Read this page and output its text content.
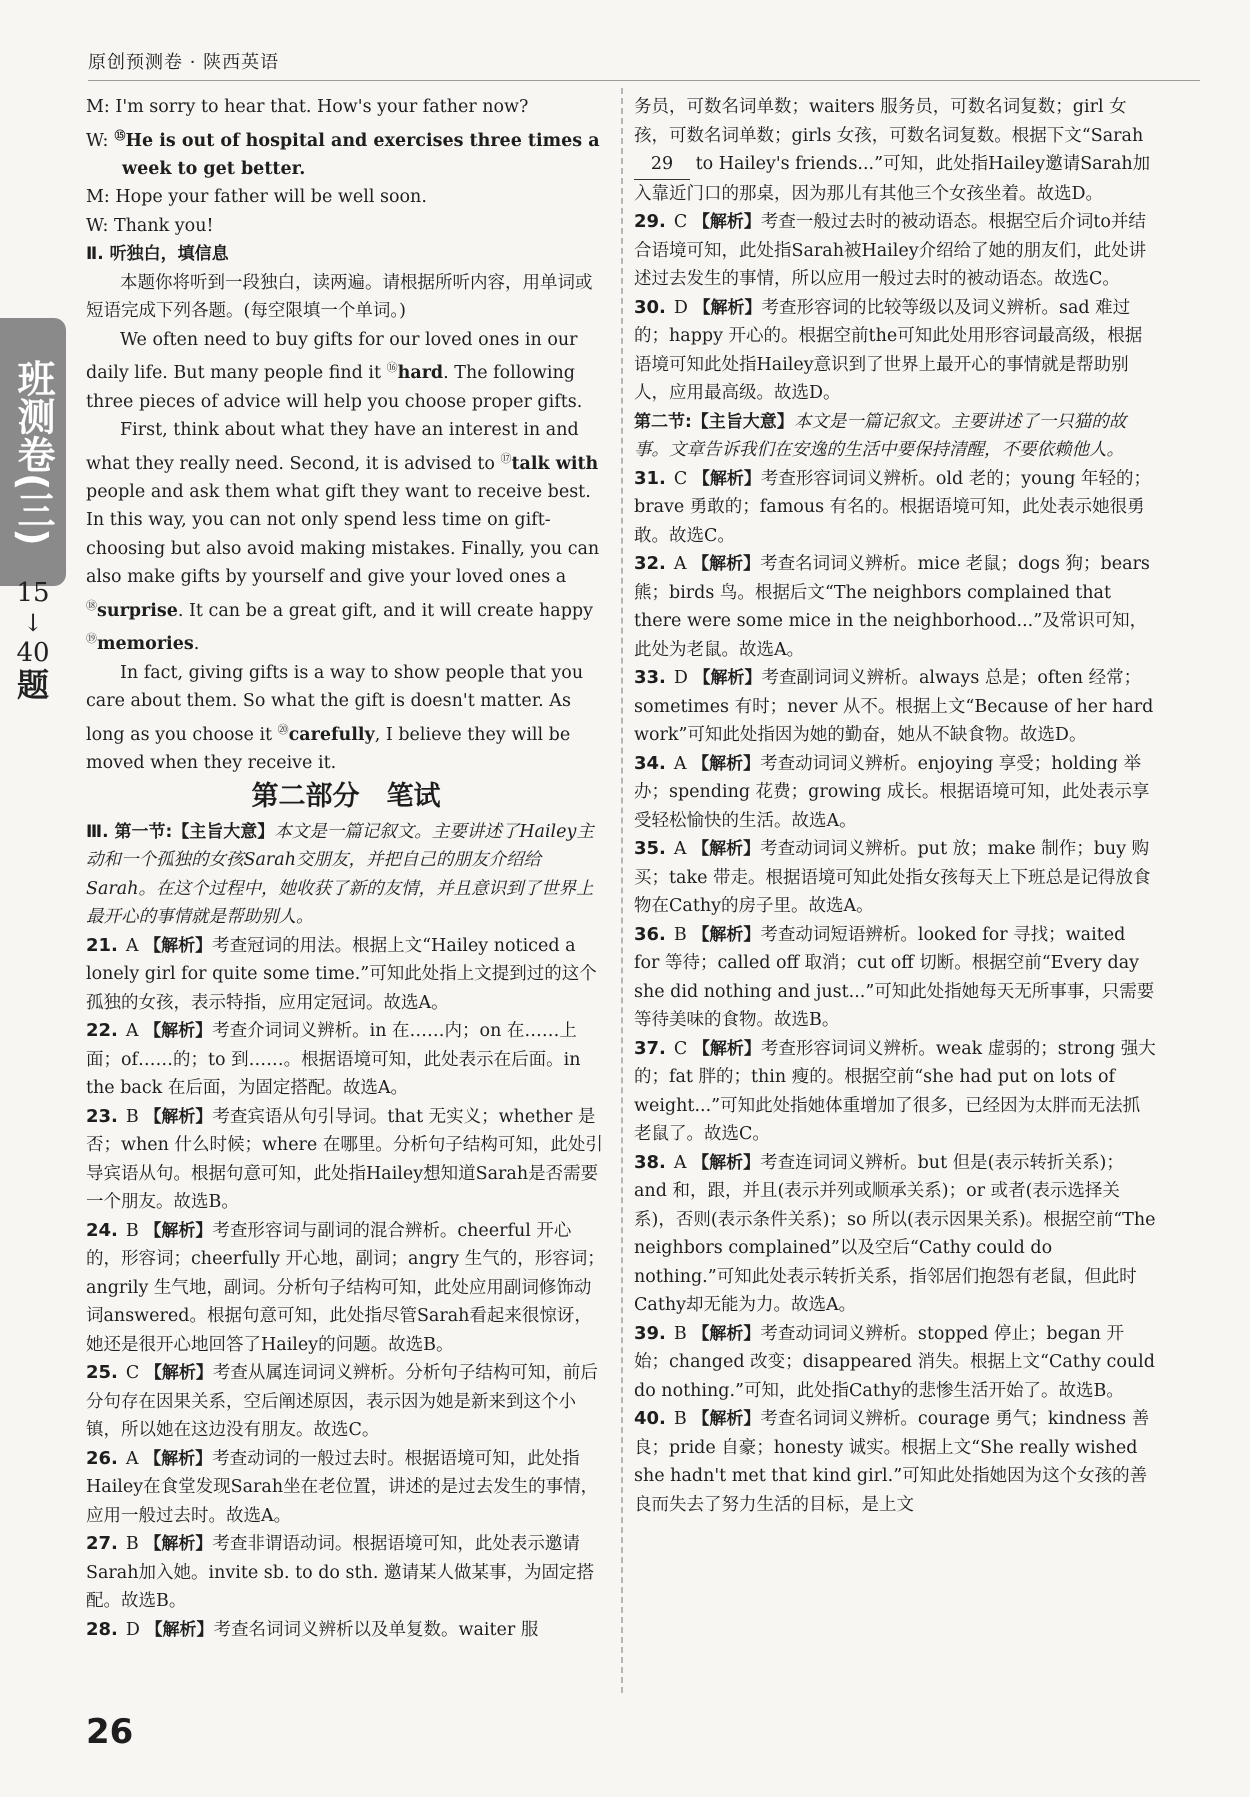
原创预测卷 · 陕西英语
班测卷(三)
15
↓
40
题

M: I'm sorry to hear that. How's your father now?

W: ⑮He is out of hospital and exercises three times a week to get better.

M: Hope your father will be well soon.

W: Thank you!

Ⅱ. 听独白，填信息

本题你将听到一段独白，读两遍。请根据所听内容，用单词或短语完成下列各题。(每空限填一个单词。)

We often need to buy gifts for our loved ones in our daily life. But many people find it ⑯hard. The following three pieces of advice will help you choose proper gifts.

First, think about what they have an interest in and what they really need. Second, it is advised to ⑰talk with people and ask them what gift they want to receive best. In this way, you can not only spend less time on gift-choosing but also avoid making mistakes. Finally, you can also make gifts by yourself and give your loved ones a ⑱surprise. It can be a great gift, and it will create happy ⑲memories.

In fact, giving gifts is a way to show people that you care about them. So what the gift is doesn't matter. As long as you choose it ⑳carefully, I believe they will be moved when they receive it.

第二部分　笔试

Ⅲ. 第一节:【主旨大意】本文是一篇记叙文。主要讲述了Hailey主动和一个孤独的女孩Sarah交朋友，并把自己的朋友介绍给Sarah。在这个过程中，她收获了新的友情，并且意识到了世界上最开心的事情就是帮助别人。

21. A 【解析】考查冠词的用法。根据上文“Hailey noticed a lonely girl for quite some time.”可知此处指上文提到过的这个孤独的女孩，表示特指，应用定冠词。故选A。

22. A 【解析】考查介词词义辨析。in 在……内；on 在……上面；of……的；to 到……。根据语境可知，此处表示在后面。in the back 在后面，为固定搭配。故选A。

23. B 【解析】考查宾语从句引导词。that 无实义；whether 是否；when 什么时候；where 在哪里。分析句子结构可知，此处引导宾语从句。根据句意可知，此处指Hailey想知道Sarah是否需要一个朋友。故选B。

24. B 【解析】考查形容词与副词的混合辨析。cheerful 开心的，形容词；cheerfully 开心地，副词；angry 生气的，形容词；angrily 生气地，副词。分析句子结构可知，此处应用副词修饰动词answered。根据句意可知，此处指尽管Sarah看起来很惊讶，她还是很开心地回答了Hailey的问题。故选B。

25. C 【解析】考查从属连词词义辨析。分析句子结构可知，前后分句存在因果关系，空后阐述原因，表示因为她是新来到这个小镇，所以她在这边没有朋友。故选C。

26. A 【解析】考查动词的一般过去时。根据语境可知，此处指Hailey在食堂发现Sarah坐在老位置，讲述的是过去发生的事情，应用一般过去时。故选A。

27. B 【解析】考查非谓语动词。根据语境可知，此处表示邀请Sarah加入她。invite sb. to do sth. 邀请某人做某事，为固定搭配。故选B。

28. D 【解析】考查名词词义辨析以及单复数。waiter 服

务员，可数名词单数；waiters 服务员，可数名词复数；girl 女孩，可数名词单数；girls 女孩，可数名词复数。根据下文“Sarah 29 to Hailey's friends...”可知，此处指Hailey邀请Sarah加入靠近门口的那桌，因为那儿有其他三个女孩坐着。故选D。

29. C 【解析】考查一般过去时的被动语态。根据空后介词to并结合语境可知，此处指Sarah被Hailey介绍给了她的朋友们，此处讲述过去发生的事情，所以应用一般过去时的被动语态。故选C。

30. D 【解析】考查形容词的比较等级以及词义辨析。sad 难过的；happy 开心的。根据空前the可知此处用形容词最高级，根据语境可知此处指Hailey意识到了世界上最开心的事情就是帮助别人，应用最高级。故选D。

第二节:【主旨大意】本文是一篇记叙文。主要讲述了一只猫的故事。文章告诉我们在安逸的生活中要保持清醒，不要依赖他人。

31. C 【解析】考查形容词词义辨析。old 老的；young 年轻的；brave 勇敢的；famous 有名的。根据语境可知，此处表示她很勇敢。故选C。

32. A 【解析】考查名词词义辨析。mice 老鼠；dogs 狗；bears 熊；birds 鸟。根据后文“The neighbors complained that there were some mice in the neighborhood...”及常识可知，此处为老鼠。故选A。

33. D 【解析】考查副词词义辨析。always 总是；often 经常；sometimes 有时；never 从不。根据上文“Because of her hard work”可知此处指因为她的勤奋，她从不缺食物。故选D。

34. A 【解析】考查动词词义辨析。enjoying 享受；holding 举办；spending 花费；growing 成长。根据语境可知，此处表示享受轻松愉快的生活。故选A。

35. A 【解析】考查动词词义辨析。put 放；make 制作；buy 购买；take 带走。根据语境可知此处指女孩每天上下班总是记得放食物在Cathy的房子里。故选A。

36. B 【解析】考查动词短语辨析。looked for 寻找；waited for 等待；called off 取消；cut off 切断。根据空前“Every day she did nothing and just...”可知此处指她每天无所事事，只需要等待美味的食物。故选B。

37. C 【解析】考查形容词词义辨析。weak 虚弱的；strong 强大的；fat 胖的；thin 瘦的。根据空前“she had put on lots of weight...”可知此处指她体重增加了很多，已经因为太胖而无法抓老鼠了。故选C。

38. A 【解析】考查连词词义辨析。but 但是(表示转折关系)；and 和，跟，并且(表示并列或顺承关系)；or 或者(表示选择关系)，否则(表示条件关系)；so 所以(表示因果关系)。根据空前“The neighbors complained”以及空后“Cathy could do nothing.”可知此处表示转折关系，指邻居们抱怨有老鼠，但此时Cathy却无能为力。故选A。

39. B 【解析】考查动词词义辨析。stopped 停止；began 开始；changed 改变；disappeared 消失。根据上文“Cathy could do nothing.”可知，此处指Cathy的悲惨生活开始了。故选B。

40. B 【解析】考查名词词义辨析。courage 勇气；kindness 善良；pride 自豪；honesty 诚实。根据上文“She really wished she hadn't met that kind girl.”可知此处指她因为这个女孩的善良而失去了努力生活的目标，是上文

26
